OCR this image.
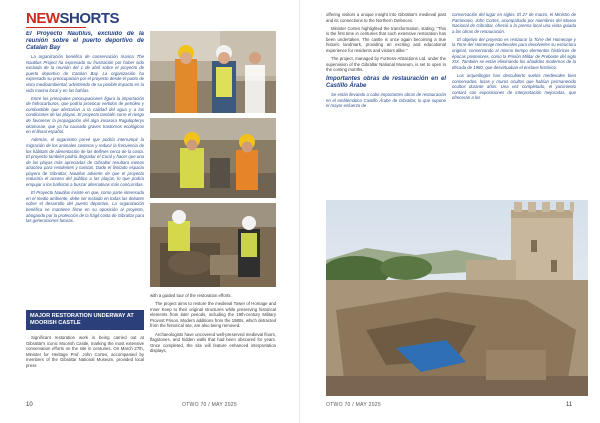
NEWSHORTS
El Proyecto Nautilus, excluido de la reunión sobre el puerto deportivo de Catalan Bay

La organización benéfica de conservación marina The Nautilus Project ha expresado su frustración por haber sido excluida de la reunión del 1 de abril sobre el proyecto de puerto deportivo de Catalan Bay. La organización ha expresado su preocupación por el proyecto desde el punto de vista medioambiental, advirtiendo de su posible impacto en la vida marina local y en las bahías.

Entre los principales preocupaciones figura la importación de hidrocarburos, que podría provocar vertidos de petróleo y combustible que afectarían a la calidad del agua y a las condiciones de las playas. El proyecto también corre el riesgo de favorecer la propagación del alga invasora Rugulopteryx okamurae, que ya ha causado graves trastornos ecológicos en el litoral español.

Además, el organismo prevé que podría interrumpir la migración de los animales costeros y reducir la frecuencia de los hábitats de alimentación de las delfines cerca de la costa. El proyecto también podría degradar el Coral y hacer que una de las playas más apreciadas de Gibraltar resultara menos atractiva para residentes y turistas. Dado el limitado espacio playero de Gibraltar, Nautilus advierte de que el proyecto reduciría el acceso del público a las playas, lo que podría empujar a los bañistas a buscar alternativas más concurridas.

El Proyecto Nautilus insiste en que, como parte interesada en el medio ambiente, debe ser incluido en todas las debates sobre el desarrollo del puerto deportivo. La organización benéfica se mantiene firme en su oposición al proyecto, abogando por la protección de la frágil costa de Gibraltar para las generaciones futuras.

MAJOR RESTORATION UNDERWAY AT MOORISH CASTLE

Significant restoration work is being carried out at Gibraltar's iconic Moorish Castle, marking the most extensive conservation efforts on the site in centuries. On March 27th, Minister for Heritage Prof. John Cortes, accompanied by members of the Gibraltar National Museum, provided local press

with a guided tour of the restoration efforts.

The project aims to restore the medieval Tower of Homage and Inner Keep to their original structures while preserving historical elements from later periods, including the 19th-century Military Provost Prison. Modern additions from the 1980s, which detracted from the historical site, are also being removed.

Archaeologists have uncovered well-preserved medieval floors, flagstones, and hidden walls that had been obscured for years. Once completed, the site will feature enhanced interpretation displays,

10	OTWO 70 / MAY 2025

offering visitors a unique insight into Gibraltar's medieval past and its connections to the Northern Defences.

Minister Cortes highlighted the transformation, stating, "This is the first time in centuries that such extensive restoration has been undertaken. The castle is once again becoming a true historic landmark, providing an exciting and educational experience for residents and visitors alike."

The project, managed by Fortress-Attractions Ltd. under the supervision of the Gibraltar National Museum, is set to open in the coming months.

Importantes obras de restauración en el Castillo Árabe

Se están llevando a cabo importantes obras de restauración en el emblemático Castillo Árabe de Gibraltar, lo que supone el mayor esfuerzo de

conservación del lugar en siglos. El 27 de marzo, el Ministro de Patrimonio, John Cortes, acompañado por miembros del Museo Nacional de Gibraltar, ofreció a la prensa local una visita guiada a las obras de restauración.

El objetivo del proyecto es restaurar la Torre del Homenaje y la Torre del Homenaje medievales para devolverles su estructura original, conservando al mismo tiempo elementos históricos de épocas posteriores, como la Prisión Militar de Preboste del siglo XIX. También se están eliminando los añadidos modernos de la década de 1980, que desvirtuaban el enclave histórico.

Los arqueólogos han descubierto suelos medievales bien conservados, losas y muros ocultos que habían permanecido ocultos durante años. Una vez completado, el yacimiento contará con exposiciones de interpretación mejoradas, que ofrecerán a los

OTWO 70 / MAY 2025	11
